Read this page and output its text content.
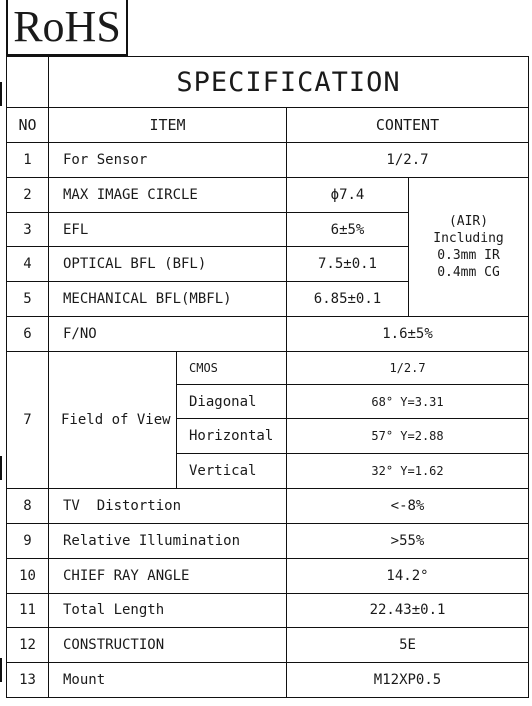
RoHS
	SPECIFICATION			
NO	ITEM		CONTENT	
1	For Sensor		1/2.7	
2	MAX IMAGE CIRCLE		ϕ7.4	(AIR)
Including
0.3mm IR
0.4mm CG

3	EFL		6±5%	
4	OPTICAL BFL (BFL)		7.5±0.1	
5	MECHANICAL BFL(MBFL)		6.85±0.1	
6	F/NO		1.6±5%	
7	Field of View	CMOS	1/2.7	
		Diagonal	68° Y=3.31	
		Horizontal	57° Y=2.88	
		Vertical	32° Y=1.62	
8	TV  Distortion		<-8%	
9	Relative Illumination		>55%	
10	CHIEF RAY ANGLE		14.2°	
11	Total Length		22.43±0.1	
12	CONSTRUCTION		5E	
13	Mount		M12XP0.5	
